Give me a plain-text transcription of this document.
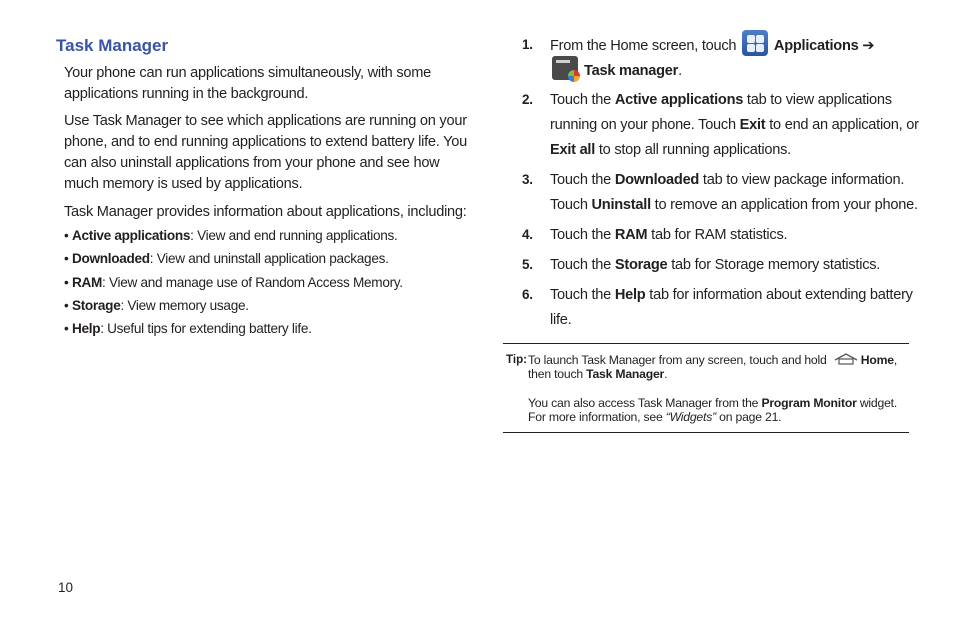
Task Manager
Your phone can run applications simultaneously, with some applications running in the background.
Use Task Manager to see which applications are running on your phone, and to end running applications to extend battery life. You can also uninstall applications from your phone and see how much memory is used by applications.
Task Manager provides information about applications, including:
• Active applications: View and end running applications.
• Downloaded: View and uninstall application packages.
• RAM: View and manage use of Random Access Memory.
• Storage: View memory usage.
• Help: Useful tips for extending battery life.
1. From the Home screen, touch	Applications ➔

Task manager.
2. Touch the Active applications tab to view applications running on your phone. Touch Exit to end an application, or Exit all to stop all running applications.
3. Touch the Downloaded tab to view package information. Touch Uninstall to remove an application from your phone.
4. Touch the RAM tab for RAM statistics.
5. Touch the Storage tab for Storage memory statistics.
6. Touch the Help tab for information about extending battery life.
Tip: To launch Task Manager from any screen, touch and hold	Home, then touch Task Manager.
You can also access Task Manager from the Program Monitor widget. For more information, see “Widgets” on page 21.
10
